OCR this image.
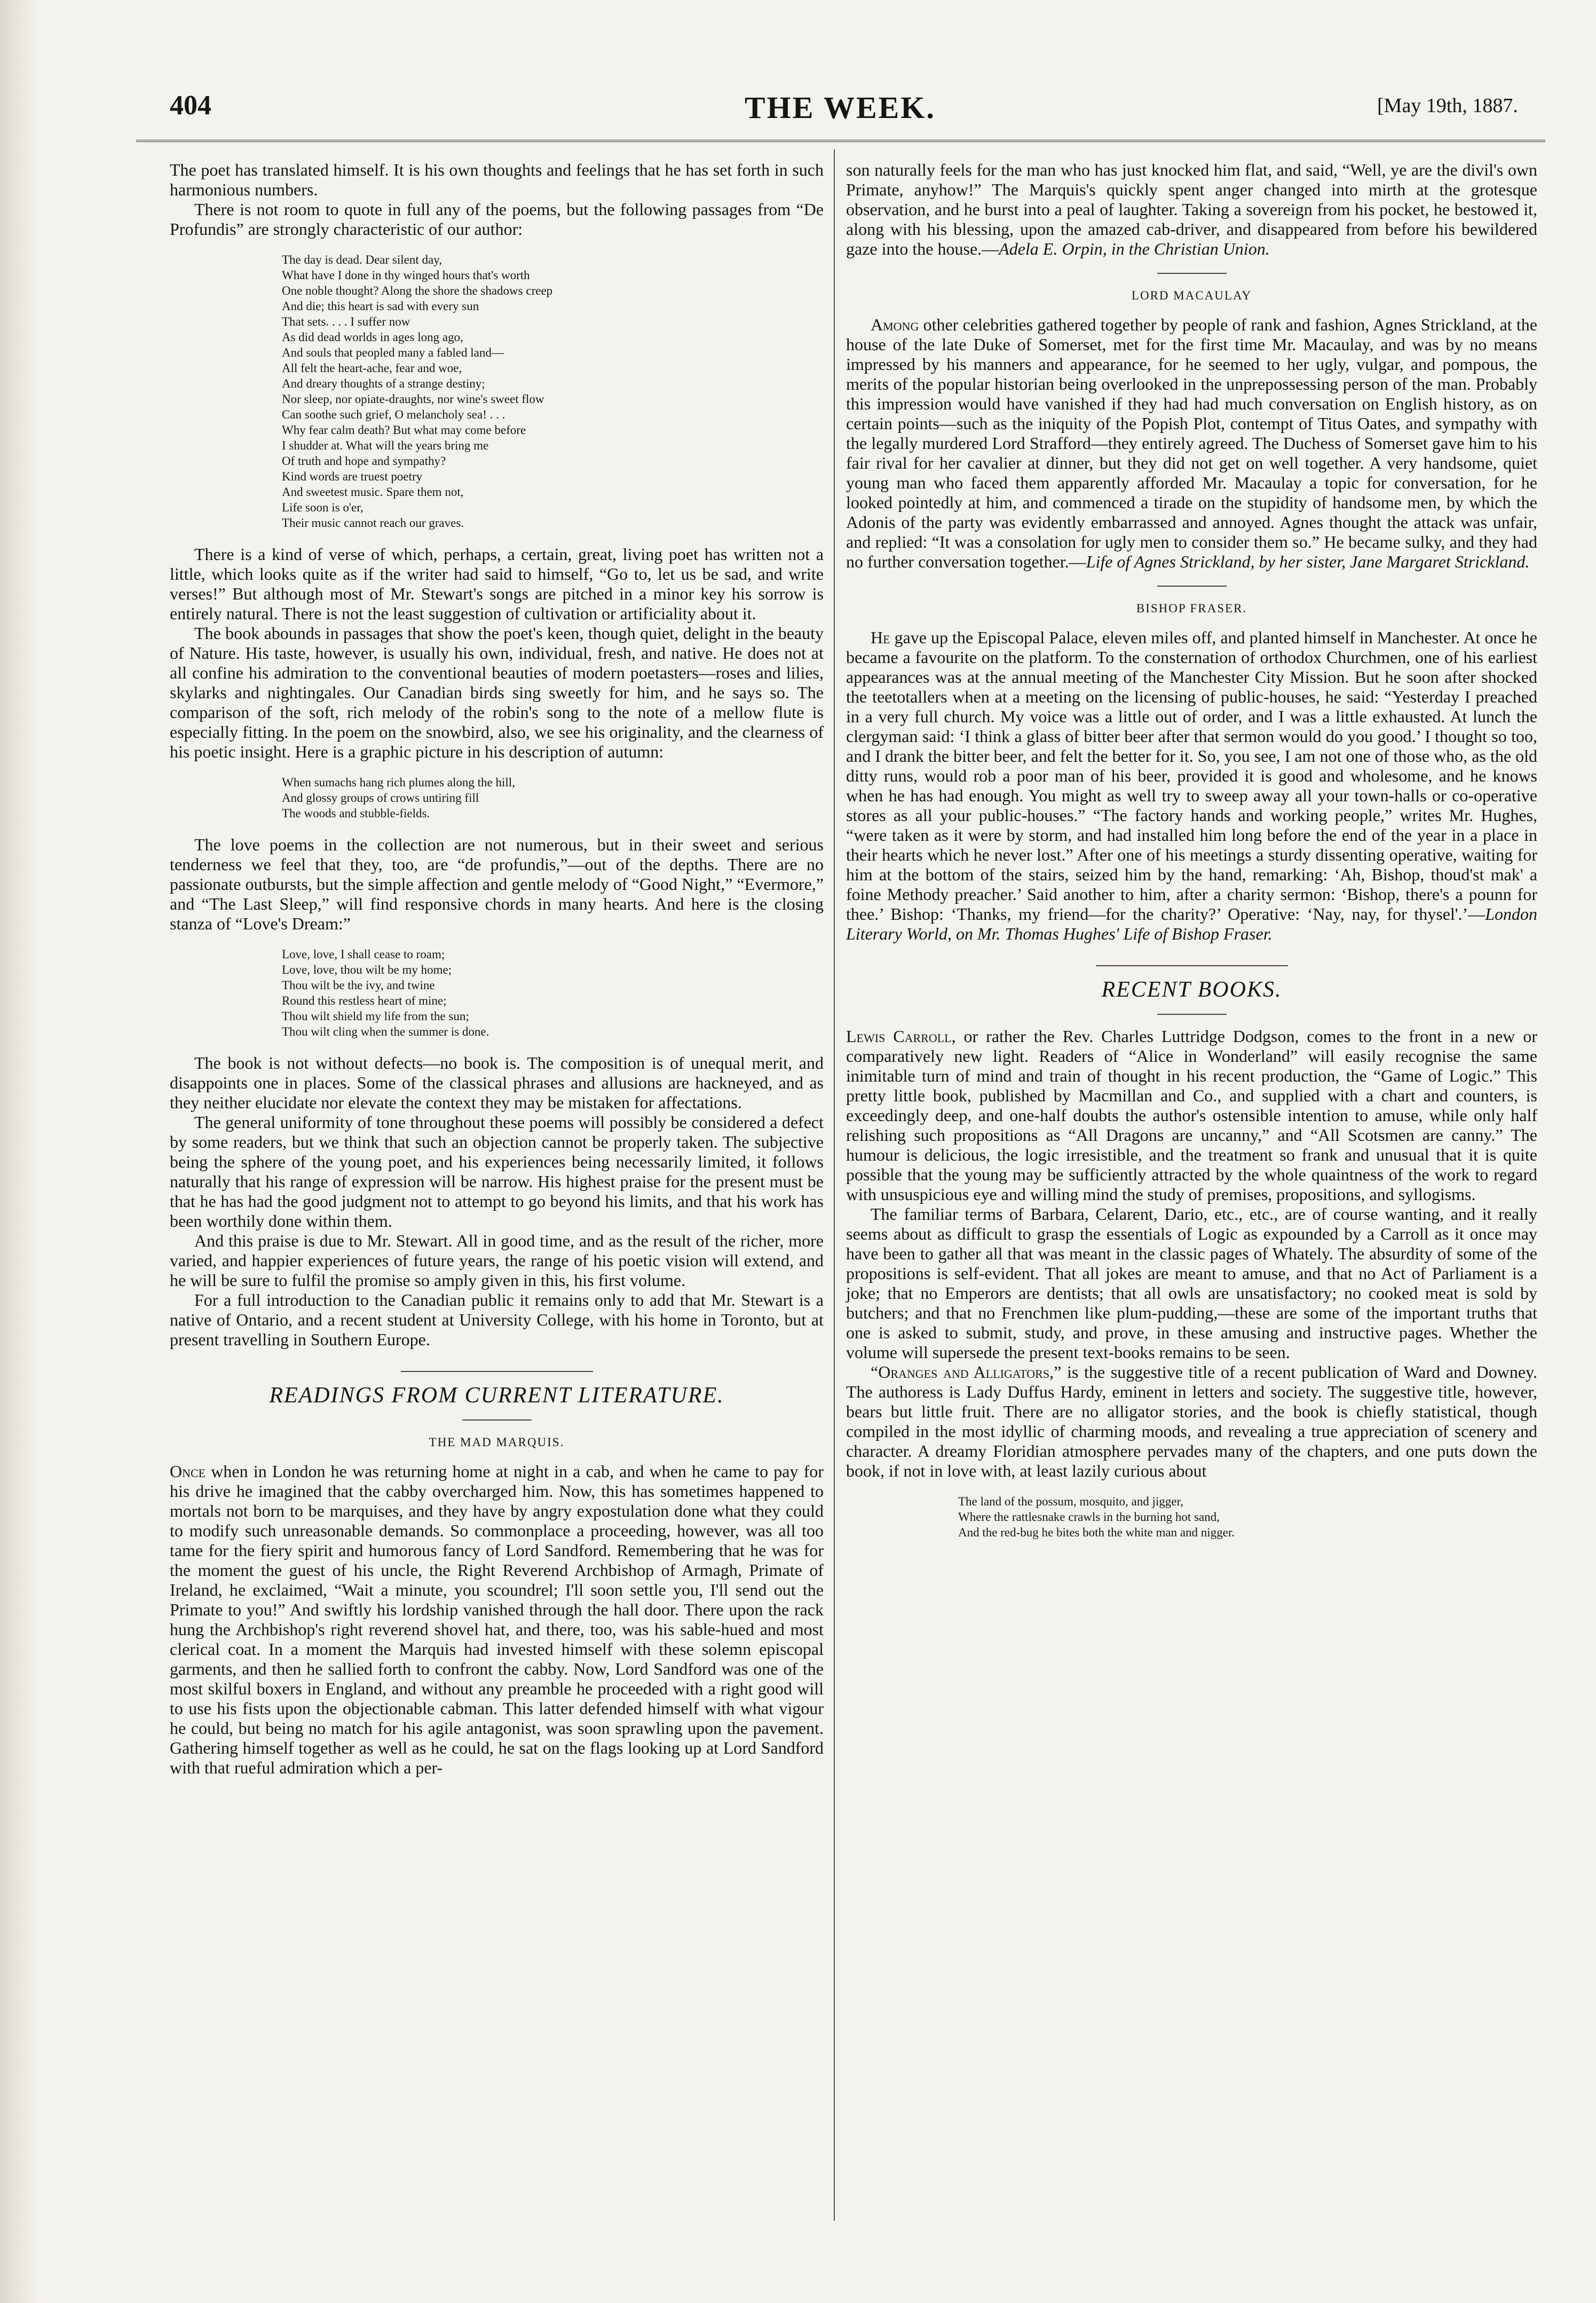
404	THE WEEK.	[May 19th, 1887.

The poet has translated himself. It is his own thoughts and feelings that he has set forth in such harmonious numbers.

There is not room to quote in full any of the poems, but the following passages from “De Profundis” are strongly characteristic of our author:

The day is dead. Dear silent day,
What have I done in thy winged hours that's worth
One noble thought? Along the shore the shadows creep
And die; this heart is sad with every sun
That sets. . . . I suffer now
As did dead worlds in ages long ago,
And souls that peopled many a fabled land—
All felt the heart-ache, fear and woe,
And dreary thoughts of a strange destiny;
Nor sleep, nor opiate-draughts, nor wine's sweet flow
Can soothe such grief, O melancholy sea! . . .
Why fear calm death? But what may come before
I shudder at. What will the years bring me
Of truth and hope and sympathy?
Kind words are truest poetry
And sweetest music. Spare them not,
Life soon is o'er,
Their music cannot reach our graves.

There is a kind of verse of which, perhaps, a certain, great, living poet has written not a little, which looks quite as if the writer had said to himself, “Go to, let us be sad, and write verses!” But although most of Mr. Stewart's songs are pitched in a minor key his sorrow is entirely natural. There is not the least suggestion of cultivation or artificiality about it.

The book abounds in passages that show the poet's keen, though quiet, delight in the beauty of Nature. His taste, however, is usually his own, individual, fresh, and native. He does not at all confine his admiration to the conventional beauties of modern poetasters—roses and lilies, skylarks and nightingales. Our Canadian birds sing sweetly for him, and he says so. The comparison of the soft, rich melody of the robin's song to the note of a mellow flute is especially fitting. In the poem on the snowbird, also, we see his originality, and the clearness of his poetic insight. Here is a graphic picture in his description of autumn:

When sumachs hang rich plumes along the hill,
And glossy groups of crows untiring fill
The woods and stubble-fields.

The love poems in the collection are not numerous, but in their sweet and serious tenderness we feel that they, too, are “de profundis,”—out of the depths. There are no passionate outbursts, but the simple affection and gentle melody of “Good Night,” “Evermore,” and “The Last Sleep,” will find responsive chords in many hearts. And here is the closing stanza of “Love's Dream:”

Love, love, I shall cease to roam;
Love, love, thou wilt be my home;
Thou wilt be the ivy, and twine
Round this restless heart of mine;
Thou wilt shield my life from the sun;
Thou wilt cling when the summer is done.

The book is not without defects—no book is. The composition is of unequal merit, and disappoints one in places. Some of the classical phrases and allusions are hackneyed, and as they neither elucidate nor elevate the context they may be mistaken for affectations.

The general uniformity of tone throughout these poems will possibly be considered a defect by some readers, but we think that such an objection cannot be properly taken. The subjective being the sphere of the young poet, and his experiences being necessarily limited, it follows naturally that his range of expression will be narrow. His highest praise for the present must be that he has had the good judgment not to attempt to go beyond his limits, and that his work has been worthily done within them.

And this praise is due to Mr. Stewart. All in good time, and as the result of the richer, more varied, and happier experiences of future years, the range of his poetic vision will extend, and he will be sure to fulfil the promise so amply given in this, his first volume.

For a full introduction to the Canadian public it remains only to add that Mr. Stewart is a native of Ontario, and a recent student at University College, with his home in Toronto, but at present travelling in Southern Europe.

READINGS FROM CURRENT LITERATURE.
THE MAD MARQUIS.

Once when in London he was returning home at night in a cab, and when he came to pay for his drive he imagined that the cabby overcharged him. Now, this has sometimes happened to mortals not born to be marquises, and they have by angry expostulation done what they could to modify such unreasonable demands. So commonplace a proceeding, however, was all too tame for the fiery spirit and humorous fancy of Lord Sandford. Remembering that he was for the moment the guest of his uncle, the Right Reverend Archbishop of Armagh, Primate of Ireland, he exclaimed, “Wait a minute, you scoundrel; I'll soon settle you, I'll send out the Primate to you!” And swiftly his lordship vanished through the hall door. There upon the rack hung the Archbishop's right reverend shovel hat, and there, too, was his sable-hued and most clerical coat. In a moment the Marquis had invested himself with these solemn episcopal garments, and then he sallied forth to confront the cabby. Now, Lord Sandford was one of the most skilful boxers in England, and without any preamble he proceeded with a right good will to use his fists upon the objectionable cabman. This latter defended himself with what vigour he could, but being no match for his agile antagonist, was soon sprawling upon the pavement. Gathering himself together as well as he could, he sat on the flags looking up at Lord Sandford with that rueful admiration which a per-

son naturally feels for the man who has just knocked him flat, and said, “Well, ye are the divil's own Primate, anyhow!” The Marquis's quickly spent anger changed into mirth at the grotesque observation, and he burst into a peal of laughter. Taking a sovereign from his pocket, he bestowed it, along with his blessing, upon the amazed cab-driver, and disappeared from before his bewildered gaze into the house.—Adela E. Orpin, in the Christian Union.

LORD MACAULAY

Among other celebrities gathered together by people of rank and fashion, Agnes Strickland, at the house of the late Duke of Somerset, met for the first time Mr. Macaulay, and was by no means impressed by his manners and appearance, for he seemed to her ugly, vulgar, and pompous, the merits of the popular historian being overlooked in the unprepossessing person of the man. Probably this impression would have vanished if they had had much conversation on English history, as on certain points—such as the iniquity of the Popish Plot, contempt of Titus Oates, and sympathy with the legally murdered Lord Strafford—they entirely agreed. The Duchess of Somerset gave him to his fair rival for her cavalier at dinner, but they did not get on well together. A very handsome, quiet young man who faced them apparently afforded Mr. Macaulay a topic for conversation, for he looked pointedly at him, and commenced a tirade on the stupidity of handsome men, by which the Adonis of the party was evidently embarrassed and annoyed. Agnes thought the attack was unfair, and replied: “It was a consolation for ugly men to consider them so.” He became sulky, and they had no further conversation together.—Life of Agnes Strickland, by her sister, Jane Margaret Strickland.

BISHOP FRASER.

He gave up the Episcopal Palace, eleven miles off, and planted himself in Manchester. At once he became a favourite on the platform. To the consternation of orthodox Churchmen, one of his earliest appearances was at the annual meeting of the Manchester City Mission. But he soon after shocked the teetotallers when at a meeting on the licensing of public-houses, he said: “Yesterday I preached in a very full church. My voice was a little out of order, and I was a little exhausted. At lunch the clergyman said: ‘I think a glass of bitter beer after that sermon would do you good.’ I thought so too, and I drank the bitter beer, and felt the better for it. So, you see, I am not one of those who, as the old ditty runs, would rob a poor man of his beer, provided it is good and wholesome, and he knows when he has had enough. You might as well try to sweep away all your town-halls or co-operative stores as all your public-houses.” “The factory hands and working people,” writes Mr. Hughes, “were taken as it were by storm, and had installed him long before the end of the year in a place in their hearts which he never lost.” After one of his meetings a sturdy dissenting operative, waiting for him at the bottom of the stairs, seized him by the hand, remarking: ‘Ah, Bishop, thoud'st mak' a foine Methody preacher.’ Said another to him, after a charity sermon: ‘Bishop, there's a pounn for thee.’ Bishop: ‘Thanks, my friend—for the charity?’ Operative: ‘Nay, nay, for thysel'.’—London Literary World, on Mr. Thomas Hughes' Life of Bishop Fraser.

RECENT BOOKS.

Lewis Carroll, or rather the Rev. Charles Luttridge Dodgson, comes to the front in a new or comparatively new light. Readers of “Alice in Wonderland” will easily recognise the same inimitable turn of mind and train of thought in his recent production, the “Game of Logic.” This pretty little book, published by Macmillan and Co., and supplied with a chart and counters, is exceedingly deep, and one-half doubts the author's ostensible intention to amuse, while only half relishing such propositions as “All Dragons are uncanny,” and “All Scotsmen are canny.” The humour is delicious, the logic irresistible, and the treatment so frank and unusual that it is quite possible that the young may be sufficiently attracted by the whole quaintness of the work to regard with unsuspicious eye and willing mind the study of premises, propositions, and syllogisms.

The familiar terms of Barbara, Celarent, Dario, etc., etc., are of course wanting, and it really seems about as difficult to grasp the essentials of Logic as expounded by a Carroll as it once may have been to gather all that was meant in the classic pages of Whately. The absurdity of some of the propositions is self-evident. That all jokes are meant to amuse, and that no Act of Parliament is a joke; that no Emperors are dentists; that all owls are unsatisfactory; no cooked meat is sold by butchers; and that no Frenchmen like plum-pudding,—these are some of the important truths that one is asked to submit, study, and prove, in these amusing and instructive pages. Whether the volume will supersede the present text-books remains to be seen.

“Oranges and Alligators,” is the suggestive title of a recent publication of Ward and Downey. The authoress is Lady Duffus Hardy, eminent in letters and society. The suggestive title, however, bears but little fruit. There are no alligator stories, and the book is chiefly statistical, though compiled in the most idyllic of charming moods, and revealing a true appreciation of scenery and character. A dreamy Floridian atmosphere pervades many of the chapters, and one puts down the book, if not in love with, at least lazily curious about

The land of the possum, mosquito, and jigger,
Where the rattlesnake crawls in the burning hot sand,
And the red-bug he bites both the white man and nigger.
